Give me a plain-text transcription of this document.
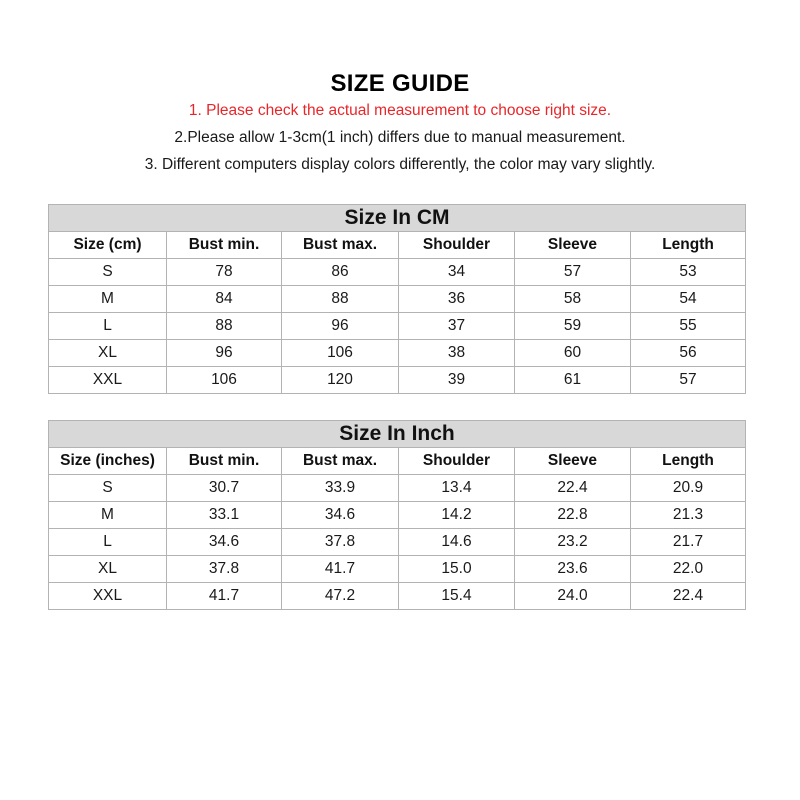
SIZE GUIDE
1. Please check the actual measurement to choose right size.
2.Please allow 1-3cm(1 inch) differs due to manual measurement.
3. Different computers display colors differently, the color may vary slightly.
Size In CM					
Size (cm)	Bust min.	Bust max.	Shoulder	Sleeve	Length
S	78	86	34	57	53
M	84	88	36	58	54
L	88	96	37	59	55
XL	96	106	38	60	56
XXL	106	120	39	61	57
Size In Inch					
Size (inches)	Bust min.	Bust max.	Shoulder	Sleeve	Length
S	30.7	33.9	13.4	22.4	20.9
M	33.1	34.6	14.2	22.8	21.3
L	34.6	37.8	14.6	23.2	21.7
XL	37.8	41.7	15.0	23.6	22.0
XXL	41.7	47.2	15.4	24.0	22.4
